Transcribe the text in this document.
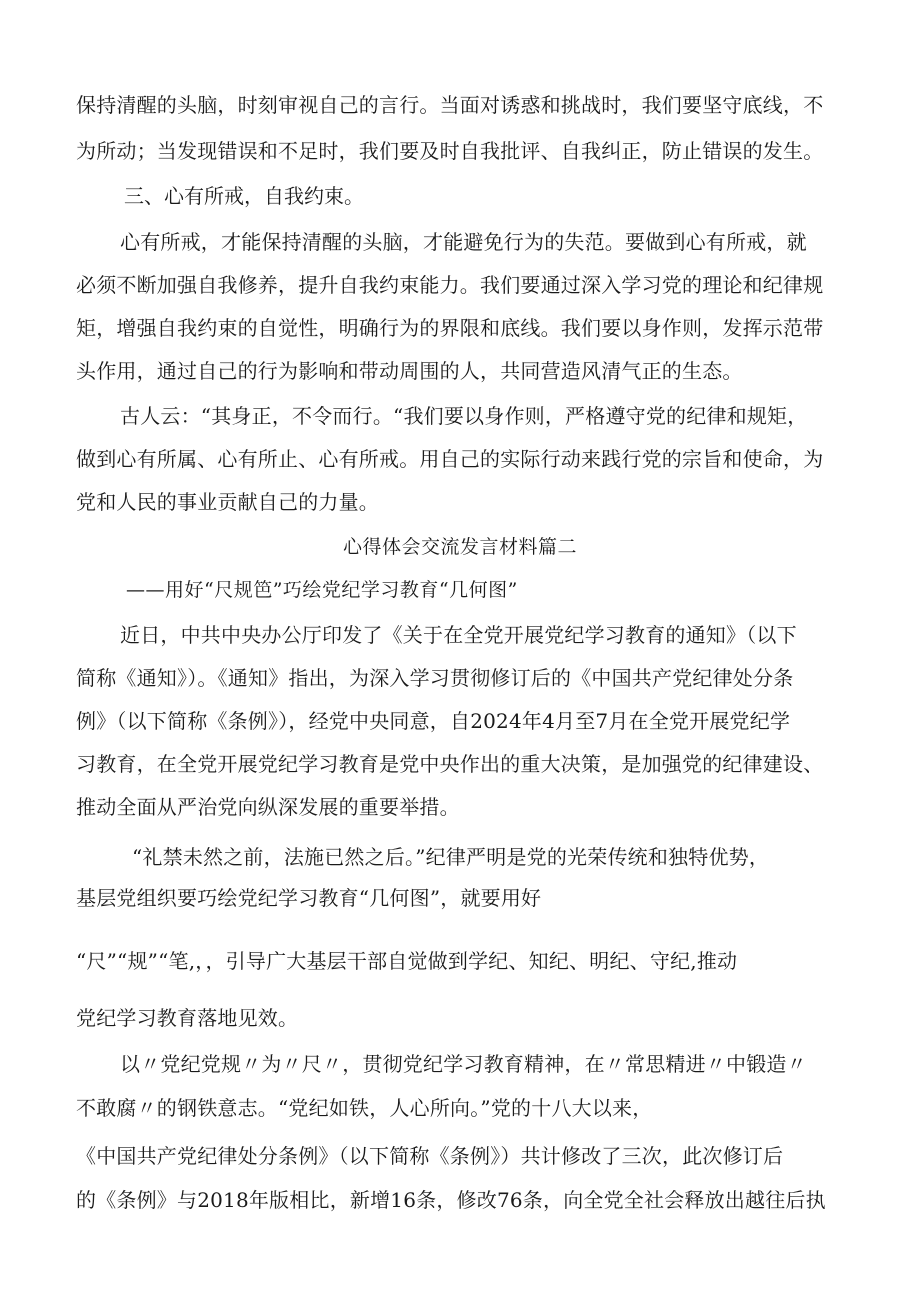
保持清醒的头脑，时刻审视自己的言行。当面对诱惑和挑战时，我们要坚守底线，不
为所动；当发现错误和不足时，我们要及时自我批评、自我纠正，防止错误的发生。
三、心有所戒，自我约束。
心有所戒，才能保持清醒的头脑，才能避免行为的失范。要做到心有所戒，就
必须不断加强自我修养，提升自我约束能力。我们要通过深入学习党的理论和纪律规
矩，增强自我约束的自觉性，明确行为的界限和底线。我们要以身作则，发挥示范带
头作用，通过自己的行为影响和带动周围的人，共同营造风清气正的生态。
古人云：“其身正，不令而行。“我们要以身作则，严格遵守党的纪律和规矩，
做到心有所属、心有所止、心有所戒。用自己的实际行动来践行党的宗旨和使命，为
党和人民的事业贡献自己的力量。
心得体会交流发言材料篇二
——用好“尺规笆”巧绘党纪学习教育“几何图”
近日，中共中央办公厅印发了《关于在全党开展党纪学习教育的通知》（以下
简称《通知》）。《通知》指出，为深入学习贯彻修订后的《中国共产党纪律处分条
例》（以下简称《条例》），经党中央同意，自2024年4月至7月在全党开展党纪学
习教育，在全党开展党纪学习教育是党中央作出的重大决策，是加强党的纪律建设、
推动全面从严治党向纵深发展的重要举措。
“礼禁未然之前，法施已然之后。”纪律严明是党的光荣传统和独特优势，
基层党组织要巧绘党纪学习教育“几何图”，就要用好
“尺”“规”“笔,，，引导广大基层干部自觉做到学纪、知纪、明纪、守纪,推动
党纪学习教育落地见效。
以〃党纪党规〃为〃尺〃，贯彻党纪学习教育精神，在〃常思精进〃中锻造〃
不敢腐〃的钢铁意志。“党纪如铁，人心所向。”党的十八大以来，
《中国共产党纪律处分条例》（以下简称《条例》）共计修改了三次，此次修订后
的《条例》与2018年版相比，新增16条，修改76条，向全党全社会释放出越往后执
